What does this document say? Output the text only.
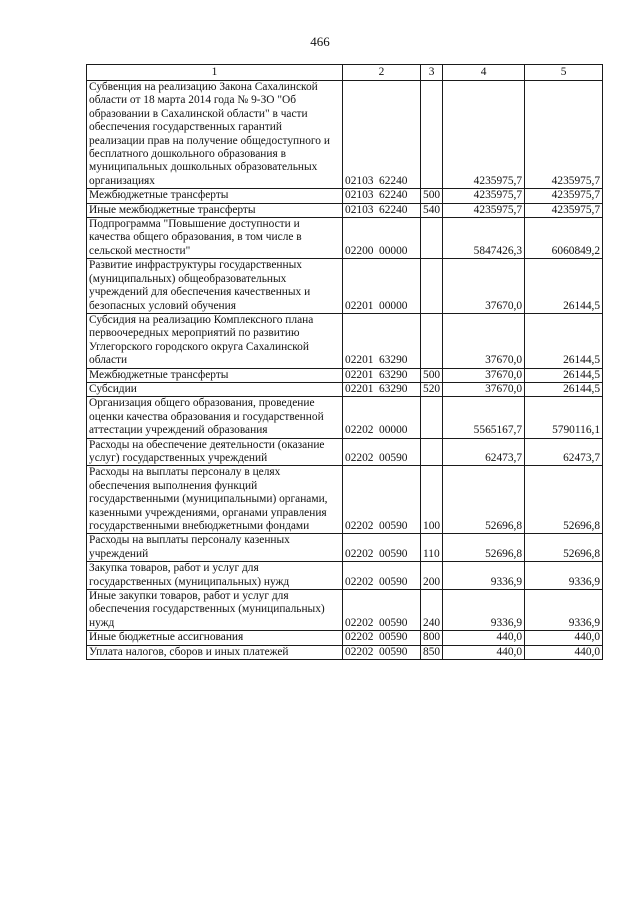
466
1	2	3	4	5
Субвенция на реализацию Закона Сахалинской области от 18 марта 2014 года № 9-ЗО "Об образовании в Сахалинской области" в части обеспечения государственных гарантий реализации прав на получение общедоступного и бесплатного дошкольного образования в муниципальных дошкольных образовательных организациях	02103 62240		4235975,7	4235975,7
Межбюджетные трансферты	02103 62240	500	4235975,7	4235975,7
Иные межбюджетные трансферты	02103 62240	540	4235975,7	4235975,7
Подпрограмма "Повышение доступности и качества общего образования, в том числе в сельской местности"	02200 00000		5847426,3	6060849,2
Развитие инфраструктуры государственных (муниципальных) общеобразовательных учреждений для обеспечения качественных и безопасных условий обучения	02201 00000		37670,0	26144,5
Субсидия на реализацию Комплексного плана первоочередных мероприятий по развитию Углегорского городского округа Сахалинской области	02201 63290		37670,0	26144,5
Межбюджетные трансферты	02201 63290	500	37670,0	26144,5
Субсидии	02201 63290	520	37670,0	26144,5
Организация общего образования, проведение оценки качества образования и государственной аттестации учреждений образования	02202 00000		5565167,7	5790116,1
Расходы на обеспечение деятельности (оказание услуг) государственных учреждений	02202 00590		62473,7	62473,7
Расходы на выплаты персоналу в целях обеспечения выполнения функций государственными (муниципальными) органами, казенными учреждениями, органами управления государственными внебюджетными фондами	02202 00590	100	52696,8	52696,8
Расходы на выплаты персоналу казенных учреждений	02202 00590	110	52696,8	52696,8
Закупка товаров, работ и услуг для государственных (муниципальных) нужд	02202 00590	200	9336,9	9336,9
Иные закупки товаров, работ и услуг для обеспечения государственных (муниципальных) нужд	02202 00590	240	9336,9	9336,9
Иные бюджетные ассигнования	02202 00590	800	440,0	440,0
Уплата налогов, сборов и иных платежей	02202 00590	850	440,0	440,0
